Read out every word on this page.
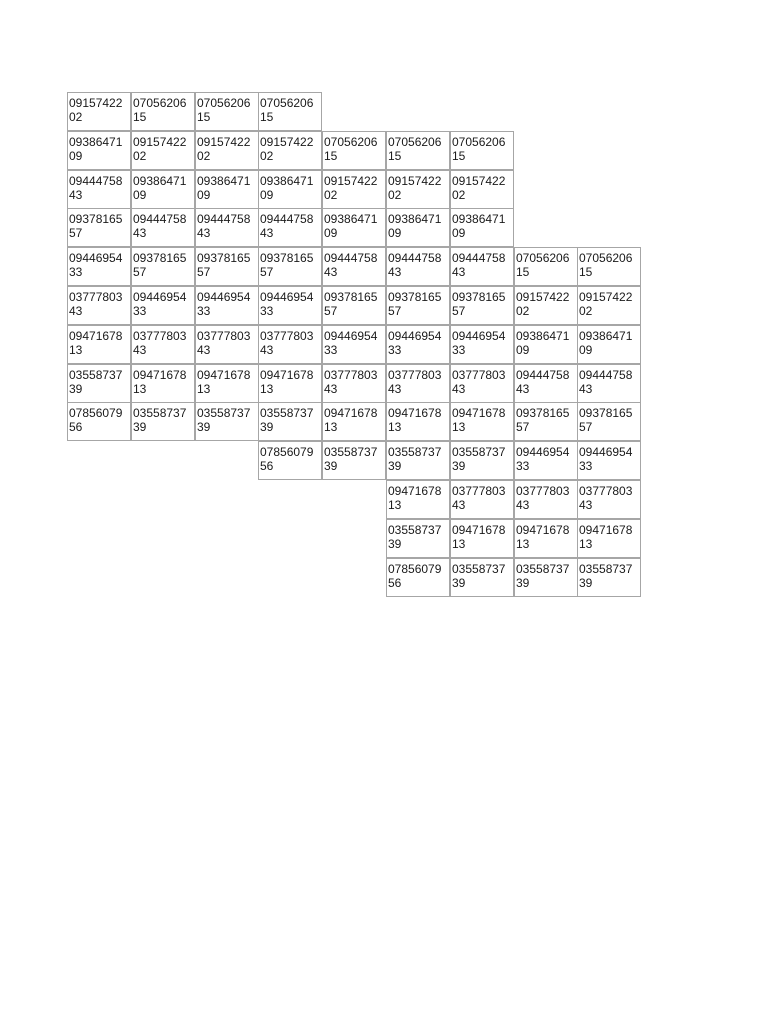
09157422
02
07056206
15
07056206
15
07056206
15
09386471
09
09157422
02
09157422
02
09157422
02
07056206
15
07056206
15
07056206
15
09444758
43
09386471
09
09386471
09
09386471
09
09157422
02
09157422
02
09157422
02
09378165
57
09444758
43
09444758
43
09444758
43
09386471
09
09386471
09
09386471
09
09446954
33
09378165
57
09378165
57
09378165
57
09444758
43
09444758
43
09444758
43
07056206
15
07056206
15
03777803
43
09446954
33
09446954
33
09446954
33
09378165
57
09378165
57
09378165
57
09157422
02
09157422
02
09471678
13
03777803
43
03777803
43
03777803
43
09446954
33
09446954
33
09446954
33
09386471
09
09386471
09
03558737
39
09471678
13
09471678
13
09471678
13
03777803
43
03777803
43
03777803
43
09444758
43
09444758
43
07856079
56
03558737
39
03558737
39
03558737
39
09471678
13
09471678
13
09471678
13
09378165
57
09378165
57
07856079
56
03558737
39
03558737
39
03558737
39
09446954
33
09446954
33
09471678
13
03777803
43
03777803
43
03777803
43
03558737
39
09471678
13
09471678
13
09471678
13
07856079
56
03558737
39
03558737
39
03558737
39
